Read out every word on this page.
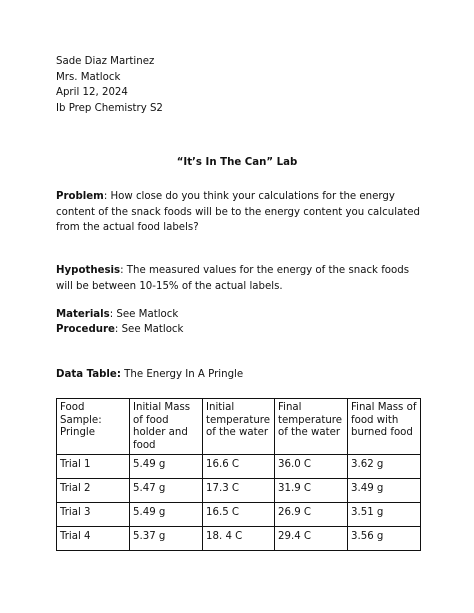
Sade Diaz Martinez
Mrs. Matlock
April 12, 2024
Ib Prep Chemistry S2
“It’s In The Can” Lab
Problem: How close do you think your calculations for the energy content of the snack foods will be to the energy content you calculated from the actual food labels?
Hypothesis: The measured values for the energy of the snack foods will be between 10-15% of the actual labels.
Materials: See Matlock
Procedure: See Matlock
Data Table: The Energy In A Pringle
Food Sample: Pringle	Initial Mass of food holder and food	Initial temperature of the water	Final temperature of the water	Final Mass of food with burned food
Trial 1	5.49 g	16.6 C	36.0 C	3.62 g
Trial 2	5.47 g	17.3 C	31.9 C	3.49 g
Trial 3	5.49 g	16.5 C	26.9 C	3.51 g
Trial 4	5.37 g	18. 4 C	29.4 C	3.56 g
